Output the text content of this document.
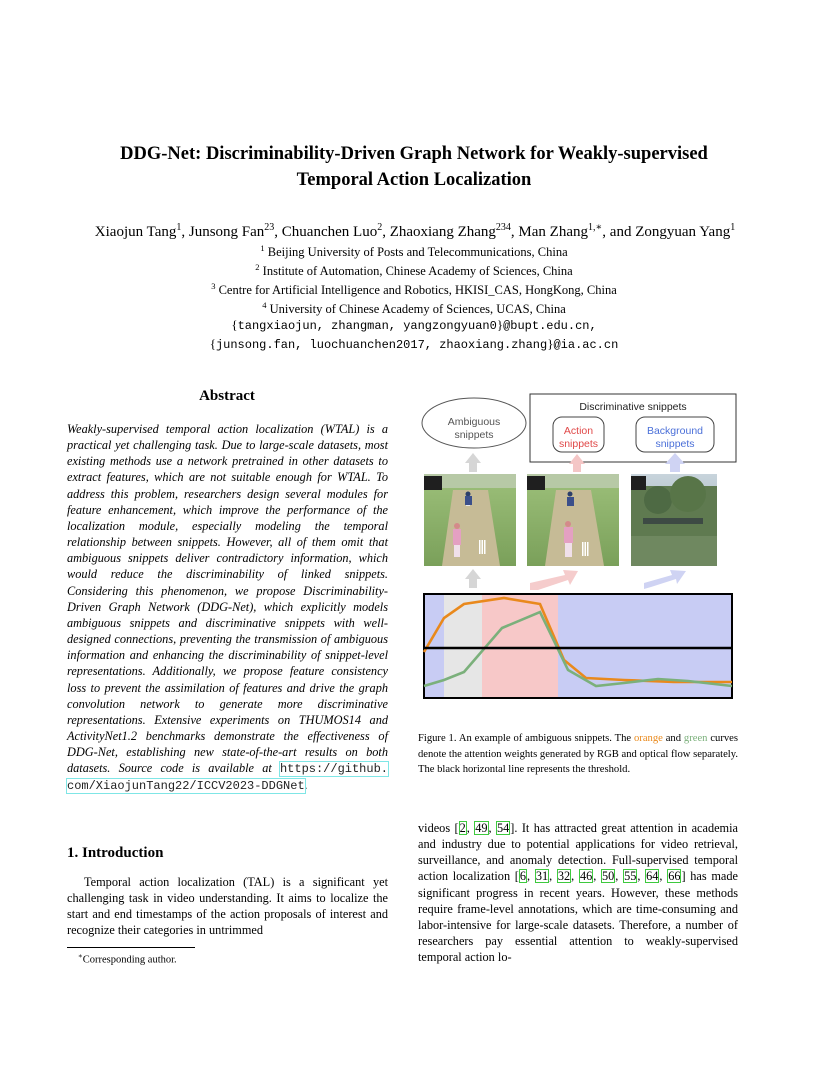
DDG-Net: Discriminability-Driven Graph Network for Weakly-supervised
Temporal Action Localization
Xiaojun Tang$^1$, Junsong Fan$^{23}$, Chuanchen Luo$^2$, Zhaoxiang Zhang$^{234}$, Man Zhang$^{1,∗}$, and Zongyuan Yang$^1$
$^1$ Beijing University of Posts and Telecommunications, China
$^2$ Institute of Automation, Chinese Academy of Sciences, China
$^3$ Centre for Artificial Intelligence and Robotics, HKISI_CAS, HongKong, China
$^4$ University of Chinese Academy of Sciences, UCAS, China
{tangxiaojun, zhangman, yangzongyuan0}@bupt.edu.cn,
{junsong.fan, luochuanchen2017, zhaoxiang.zhang}@ia.ac.cn
Abstract
Weakly-supervised temporal action localization (WTAL) is a practical yet challenging task. Due to large-scale datasets, most existing methods use a network pretrained in other datasets to extract features, which are not suitable enough for WTAL. To address this problem, researchers design several modules for feature enhancement, which improve the performance of the localization module, especially modeling the temporal relationship between snippets. However, all of them omit that ambiguous snippets deliver contradictory information, which would reduce the discriminability of linked snippets. Considering this phenomenon, we propose Discriminability-Driven Graph Network (DDG-Net), which explicitly models ambiguous snippets and discriminative snippets with well-designed connections, preventing the transmission of ambiguous information and enhancing the discriminability of snippet-level representations. Additionally, we propose feature consistency loss to prevent the assimilation of features and drive the graph convolution network to generate more discriminative representations. Extensive experiments on THUMOS14 and ActivityNet1.2 benchmarks demonstrate the effectiveness of DDG-Net, establishing new state-of-the-art results on both datasets. Source code is available at https://github. com/XiaojunTang22/ICCV2023-DDGNet.
1. Introduction
Temporal action localization (TAL) is a significant yet challenging task in video understanding. It aims to localize the start and end timestamps of the action proposals of interest and recognize their categories in untrimmed
∗Corresponding author.
Ambiguous
snippets
Discriminative snippets
Action
snippets
Background
snippets
Figure 1. An example of ambiguous snippets. The orange and green curves denote the attention weights generated by RGB and optical flow separately. The black horizontal line represents the threshold.
videos [2, 49, 54]. It has attracted great attention in academia and industry due to potential applications for video retrieval, surveillance, and anomaly detection. Full-supervised temporal action localization [6, 31, 32, 46, 50, 55, 64, 66] has made significant progress in recent years. However, these methods require frame-level annotations, which are time-consuming and labor-intensive for large-scale datasets. Therefore, a number of researchers pay essential attention to weakly-supervised temporal action lo-
